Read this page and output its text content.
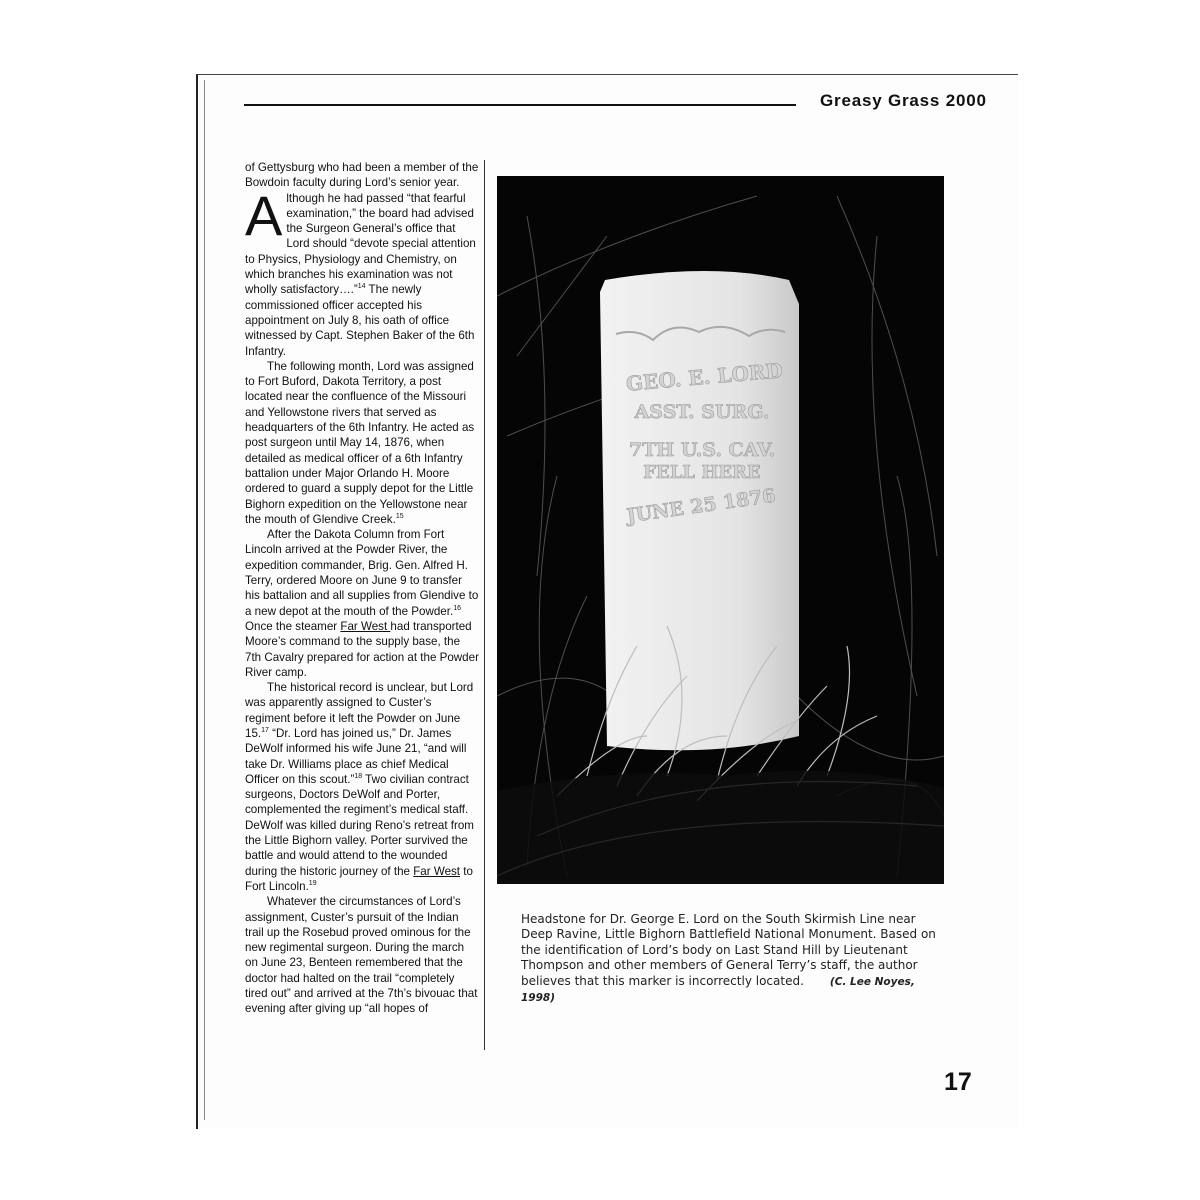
Greasy Grass 2000

of Gettysburg who had been a member of the Bowdoin faculty during Lord’s senior year.

Although he had passed “that fearful examination,” the board had advised the Surgeon General’s office that Lord should “devote special attention to Physics, Physiology and Chemistry, on which branches his examination was not wholly satisfactory….”$^{14}$ The newly commissioned officer accepted his appointment on July 8, his oath of office witnessed by Capt. Stephen Baker of the 6th Infantry.

The following month, Lord was assigned to Fort Buford, Dakota Territory, a post located near the confluence of the Missouri and Yellowstone rivers that served as headquarters of the 6th Infantry. He acted as post surgeon until May 14, 1876, when detailed as medical officer of a 6th Infantry battalion under Major Orlando H. Moore ordered to guard a supply depot for the Little Bighorn expedition on the Yellowstone near the mouth of Glendive Creek.$^{15}$

After the Dakota Column from Fort Lincoln arrived at the Powder River, the expedition commander, Brig. Gen. Alfred H. Terry, ordered Moore on June 9 to transfer his battalion and all supplies from Glendive to a new depot at the mouth of the Powder.$^{16}$ Once the steamer Far West had transported Moore’s command to the supply base, the 7th Cavalry prepared for action at the Powder River camp.

The historical record is unclear, but Lord was apparently assigned to Custer’s regiment before it left the Powder on June 15.17 “Dr. Lord has joined us,” Dr. James DeWolf informed his wife June 21, “and will take Dr. Williams place as chief Medical Officer on this scout.”$^{18}$ Two civilian contract surgeons, Doctors DeWolf and Porter, complemented the regiment’s medical staff. DeWolf was killed during Reno’s retreat from the Little Bighorn valley. Porter survived the battle and would attend to the wounded during the historic journey of the Far West to Fort Lincoln.$^{19}$

Whatever the circumstances of Lord’s assignment, Custer’s pursuit of the Indian trail up the Rosebud proved ominous for the new regimental surgeon. During the march on June 23, Benteen remembered that the doctor had halted on the trail “completely tired out” and arrived at the 7th’s bivouac that evening after giving up “all hopes of

GEO. E. LORD
ASST. SURG.
7TH U.S. CAV.
FELL HERE
JUNE 25 1876
Headstone for Dr. George E. Lord on the South Skirmish Line near Deep Ravine, Little Bighorn Battlefield National Monument. Based on the identification of Lord’s body on Last Stand Hill by Lieutenant Thompson and other members of General Terry’s staff, the author believes that this marker is incorrectly located. (C. Lee Noyes, 1998)
17
